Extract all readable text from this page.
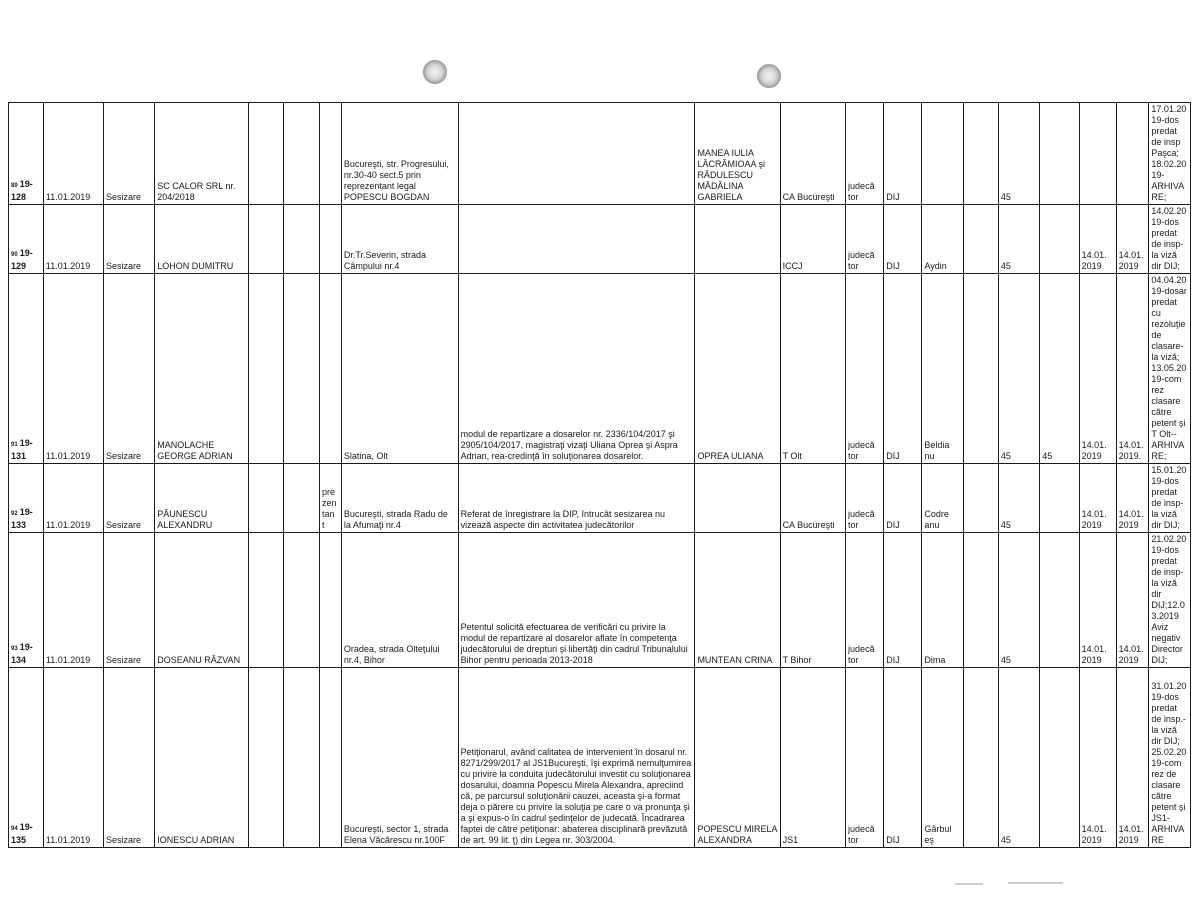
89 19-128	11.01.2019	Sesizare	SC CALOR SRL nr. 204/2018				Bucureşti, str. Progresului, nr.30-40 sect.5 prin reprezentant legal POPESCU BOGDAN		MANEA IULIA LĂCRĂMIOAA şi RĂDULESCU MĂDĂLINA GABRIELA	CA Bucureşti	judecă tor	DIJ			45				17.01.2019-dos predat de insp Paşca; 18.02.2019-ARHIVARE;
90 19-129	11.01.2019	Sesizare	LOHON DUMITRU				Dr.Tr.Severin, strada Câmpului nr.4			ICCJ	judecă tor	DIJ	Aydin		45		14.01. 2019	14.01. 2019	14.02.2019-dos predat de insp-la viză dir DIJ;
91 19-131	11.01.2019	Sesizare	MANOLACHE GEORGE ADRIAN				Slatina, Olt	modul de repartizare a dosarelor nr. 2336/104/2017 şi 2905/104/2017, magistraţi vizaţi Uliana Oprea şi Aspra Adrian, rea-credinţă în soluţionarea dosarelor.	OPREA ULIANA	T Olt	judecă tor	DIJ	Beldia nu		45	45	14.01. 2019	14.01. 2019.	04.04.2019-dosar predat cu rezoluţie de clasare- la viză; 13.05.2019-com rez clasare către petent şi T Olt--ARHIVARE;
92 19-133	11.01.2019	Sesizare	PĂUNESCU ALEXANDRU			pre zen tan t	Bucureşti, strada Radu de la Afumaţi nr.4	Referat de înregistrare la DIP, întrucât sesizarea nu vizează aspecte din activitatea judecătorilor		CA Bucureşti	judecă tor	DIJ	Codre anu		45		14.01. 2019	14.01. 2019	15.01.2019-dos predat de insp-la viză dir DIJ;
93 19-134	11.01.2019	Sesizare	DOSEANU RĂZVAN				Oradea, strada Olteţului nr.4, Bihor	Petentul solicită efectuarea de verificări cu privire la modul de repartizare al dosarelor aflate în competenţa judecătorului de drepturi şi libertăţi din cadrul Tribunalului Bihor pentru perioada 2013-2018	MUNTEAN CRINA	T Bihor	judecă tor	DIJ	Dima		45		14.01. 2019	14.01. 2019	21.02.2019-dos predat de insp-la viză dir DIJ;12.03.2019 Aviz negativ Director DIJ;
94 19-135	11.01.2019	Sesizare	IONESCU ADRIAN				Bucureşti, sector 1, strada Elena Văcărescu nr.100F	Petiţionarul, având calitatea de intervenient în dosarul nr. 8271/299/2017 al JS1Bucureşti, îşi exprimă nemulţumirea cu privire la conduita judecătorului investit cu soluţionarea dosarului, doamna Popescu Mirela Alexandra, apreciind că, pe parcursul soluţionării cauzei, aceasta şi-a format deja o părere cu privire la soluţia pe care o va pronunţa şi a şi expus-o în cadrul şedinţelor de judecată. Încadrarea faptei de către petiţionar: abaterea disciplinară prevăzută de art. 99 lit. ţ) din Legea nr. 303/2004.	POPESCU MIRELA ALEXANDRA	JS1	judecă tor	DIJ	Gârbul eş		45		14.01. 2019	14.01. 2019	31.01.2019-dos predat de insp.-la viză dir DIJ; 25.02.2019-com rez de clasare către petent şi JS1-ARHIVARE
